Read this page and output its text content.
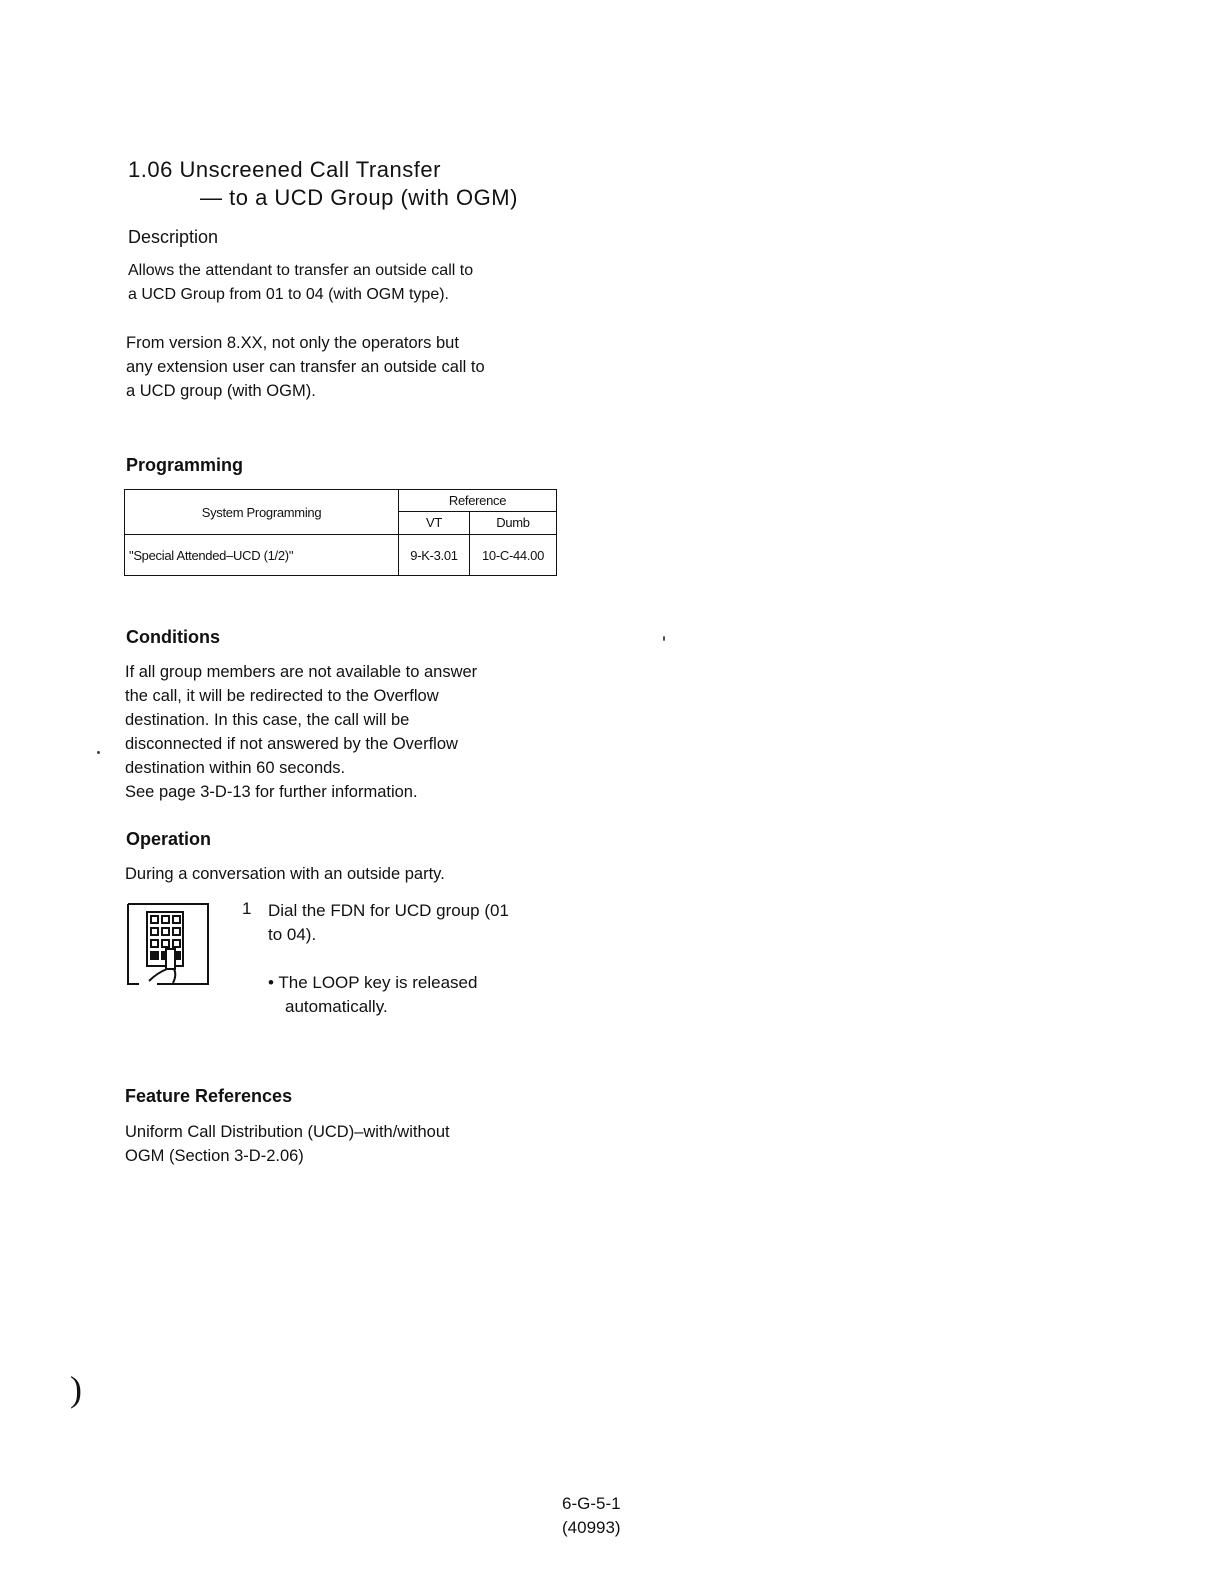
1.06 Unscreened Call Transfer
— to a UCD Group (with OGM)
Description
Allows the attendant to transfer an outside call to
a UCD Group from 01 to 04 (with OGM type).
From version 8.XX, not only the operators but
any extension user can transfer an outside call to
a UCD group (with OGM).
Programming
System Programming	Reference	
	VT	Dumb
"Special Attended–UCD (1/2)"	9-K-3.01	10-C-44.00
Conditions
If all group members are not available to answer
the call, it will be redirected to the Overflow
destination. In this case, the call will be
disconnected if not answered by the Overflow
destination within 60 seconds.
See page 3-D-13 for further information.
Operation
During a conversation with an outside party.
1 Dial the FDN for UCD group (01
to 04).
• The LOOP key is released
automatically.
Feature References
Uniform Call Distribution (UCD)–with/without
OGM (Section 3-D-2.06)
)
6-G-5-1
(40993)
